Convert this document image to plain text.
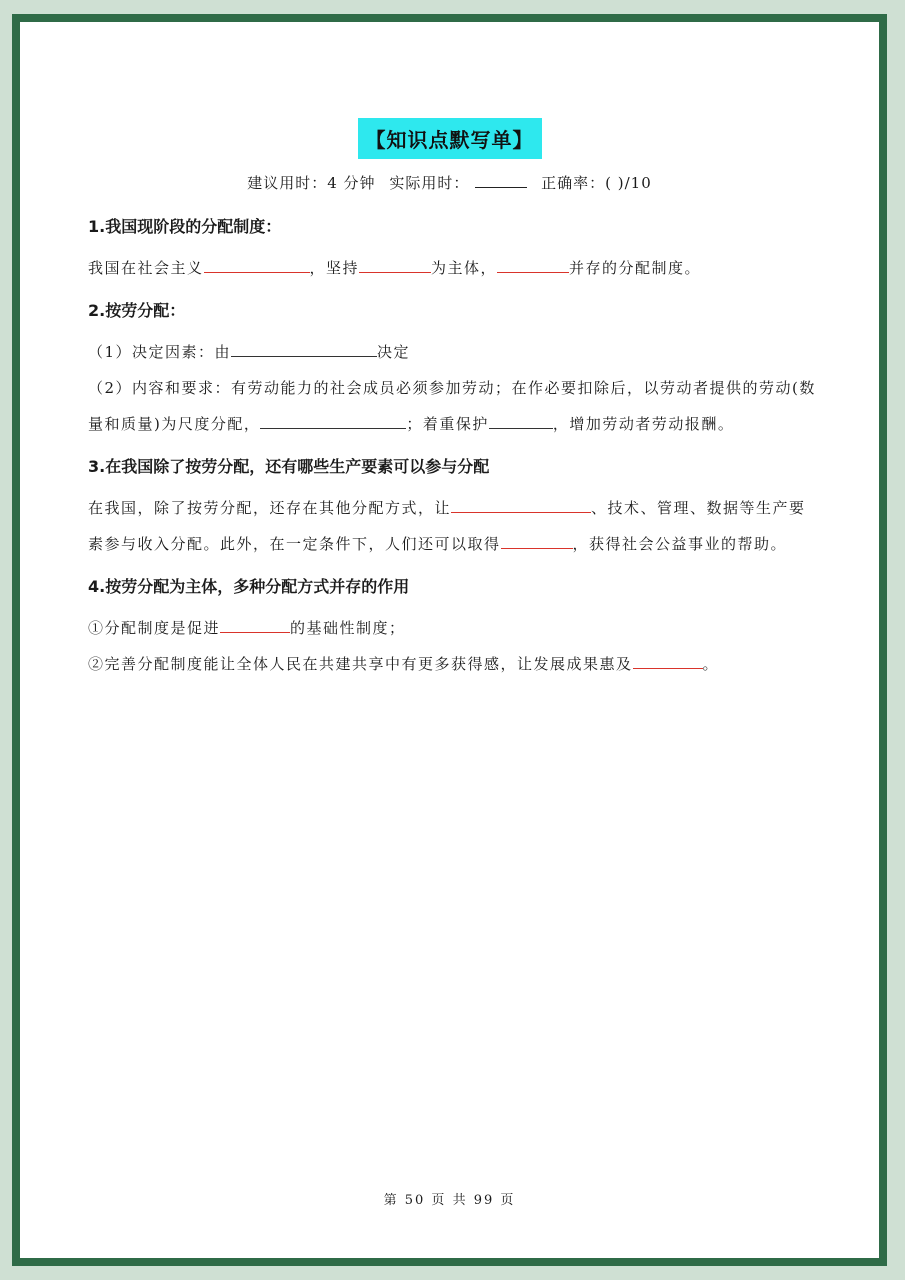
【知识点默写单】
建议用时：4 分钟 实际用时：	正确率：( )/10

1.我国现阶段的分配制度：

我国在社会主义	，坚持	为主体，	并存的分配制度。

2.按劳分配：

（1）决定因素：由	决定

（2）内容和要求：有劳动能力的社会成员必须参加劳动；在作必要扣除后，以劳动者提供的劳动(数量和质量)为尺度分配，	；着重保护	，增加劳动者劳动报酬。

3.在我国除了按劳分配，还有哪些生产要素可以参与分配

在我国，除了按劳分配，还存在其他分配方式，让	、技术、管理、数据等生产要素参与收入分配。此外，在一定条件下，人们还可以取得	，获得社会公益事业的帮助。

4.按劳分配为主体，多种分配方式并存的作用

①分配制度是促进	的基础性制度；

②完善分配制度能让全体人民在共建共享中有更多获得感，让发展成果惠及	。

第 50 页 共 99 页
